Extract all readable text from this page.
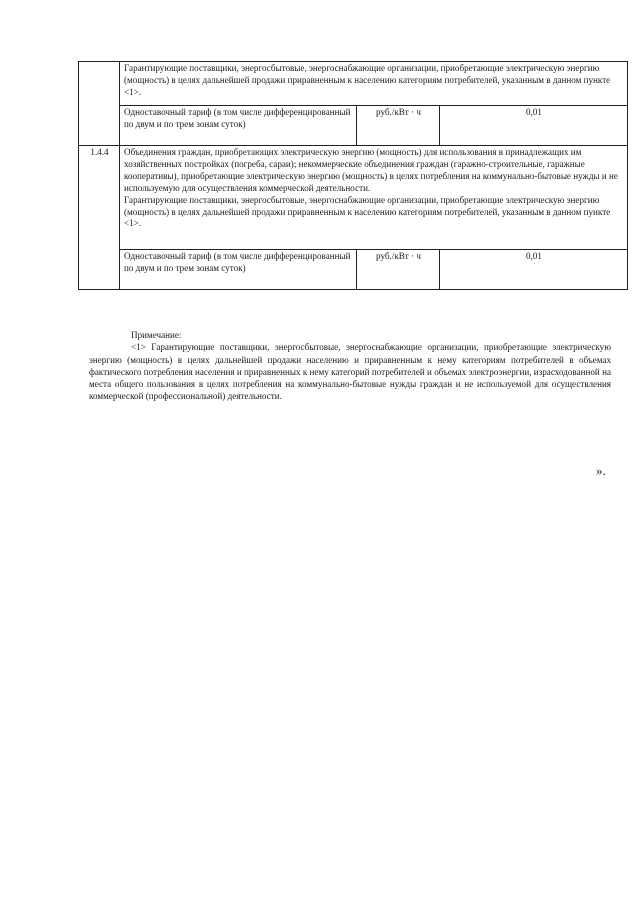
	Гарантирующие поставщики, энергосбытовые, энергоснабжающие организации, приобретающие электрическую энергию (мощность) в целях дальнейшей продажи приравненным к населению категориям потребителей, указанным в данном пункте <1>.		
	Одноставочный тариф (в том числе дифференцированный по двум и по трем зонам суток)	руб./кВт · ч	0,01
1.4.4	Объединения граждан, приобретающих электрическую энергию (мощность) для использования в принадлежащих им хозяйственных постройках (погреба, сараи); некоммерческие объединения граждан (гаражно-строительные, гаражные кооперативы), приобретающие электрическую энергию (мощность) в целях потребления на коммунально-бытовые нужды и не используемую для осуществления коммерческой деятельности.
Гарантирующие поставщики, энергосбытовые, энергоснабжающие организации, приобретающие электрическую энергию (мощность) в целях дальнейшей продажи приравненным к населению категориям потребителей, указанным в данном пункте <1>.		

	Одноставочный тариф (в том числе дифференцированный по двум и по трем зонам суток)	руб./кВт · ч	0,01
Примечание:
<1> Гарантирующие поставщики, энергосбытовые, энергоснабжающие организации, приобретающие электрическую энергию (мощность) в целях дальнейшей продажи населению и приравненным к нему категориям потребителей в объемах фактического потребления населения и приравненных к нему категорий потребителей и объемах электроэнергии, израсходованной на места общего пользования в целях потребления на коммунально-бытовые нужды граждан и не используемой для осуществления коммерческой (профессиональной) деятельности.
».
